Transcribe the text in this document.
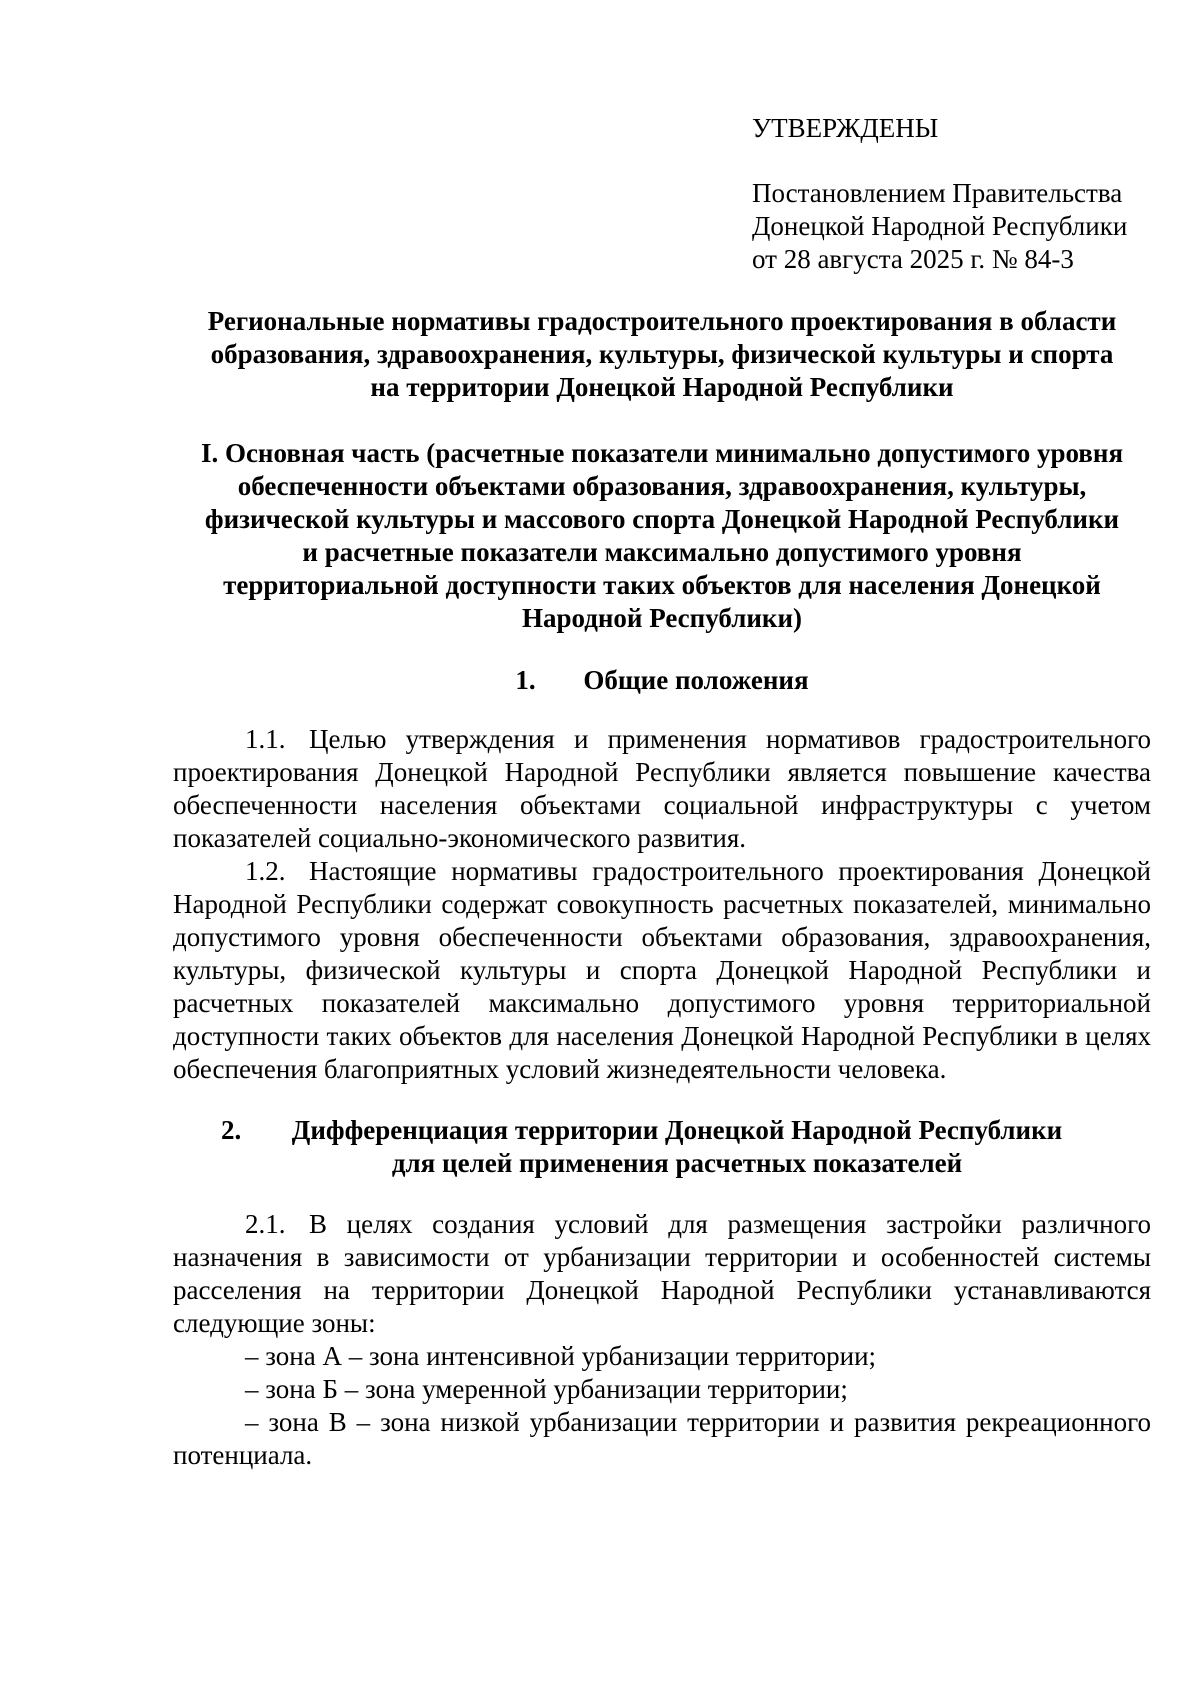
УТВЕРЖДЕНЫ
Постановлением Правительства
Донецкой Народной Республики
от 28 августа 2025 г. № 84-3
Региональные нормативы градостроительного проектирования в области
образования, здравоохранения, культуры, физической культуры и спорта
на территории Донецкой Народной Республики
I. Основная часть (расчетные показатели минимально допустимого уровня
обеспеченности объектами образования, здравоохранения, культуры,
физической культуры и массового спорта Донецкой Народной Республики
и расчетные показатели максимально допустимого уровня
территориальной доступности таких объектов для населения Донецкой
Народной Республики)
1. Общие положения

1.1. Целью утверждения и применения нормативов градостроительного проектирования Донецкой Народной Республики является повышение качества обеспеченности населения объектами социальной инфраструктуры с учетом показателей социально-экономического развития.

1.2. Настоящие нормативы градостроительного проектирования Донецкой Народной Республики содержат совокупность расчетных показателей, минимально допустимого уровня обеспеченности объектами образования, здравоохранения, культуры, физической культуры и спорта Донецкой Народной Республики и расчетных показателей максимально допустимого уровня территориальной доступности таких объектов для населения Донецкой Народной Республики в целях обеспечения благоприятных условий жизнедеятельности человека.

2.	Дифференциация территории Донецкой Народной Республики
для целей применения расчетных показателей

2.1. В целях создания условий для размещения застройки различного назначения в зависимости от урбанизации территории и особенностей системы расселения на территории Донецкой Народной Республики устанавливаются следующие зоны:

– зона А – зона интенсивной урбанизации территории;

– зона Б – зона умеренной урбанизации территории;

– зона В – зона низкой урбанизации территории и развития рекреационного потенциала.
